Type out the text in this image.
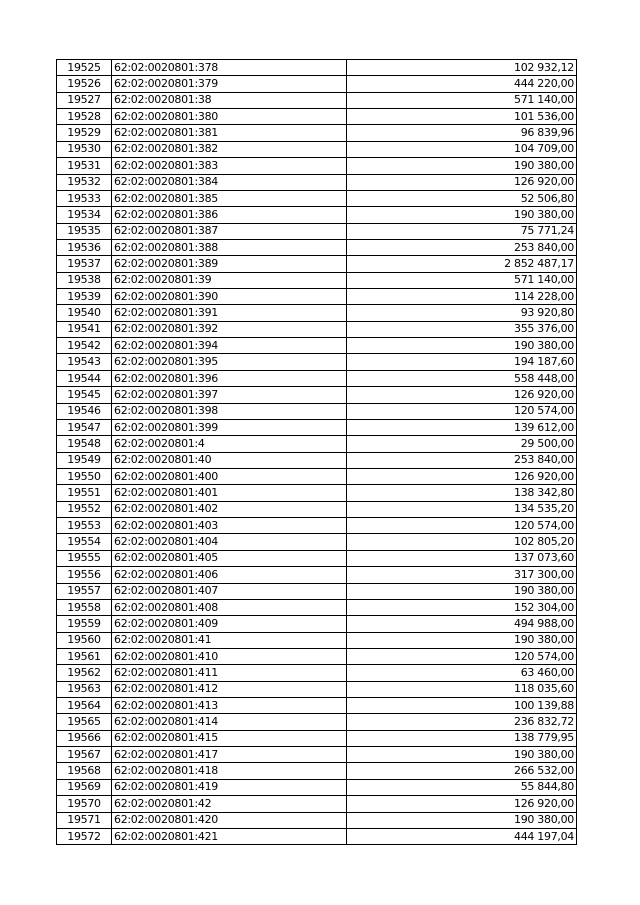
19525	62:02:0020801:378	102 932,12
19526	62:02:0020801:379	444 220,00
19527	62:02:0020801:38	571 140,00
19528	62:02:0020801:380	101 536,00
19529	62:02:0020801:381	96 839,96
19530	62:02:0020801:382	104 709,00
19531	62:02:0020801:383	190 380,00
19532	62:02:0020801:384	126 920,00
19533	62:02:0020801:385	52 506,80
19534	62:02:0020801:386	190 380,00
19535	62:02:0020801:387	75 771,24
19536	62:02:0020801:388	253 840,00
19537	62:02:0020801:389	2 852 487,17
19538	62:02:0020801:39	571 140,00
19539	62:02:0020801:390	114 228,00
19540	62:02:0020801:391	93 920,80
19541	62:02:0020801:392	355 376,00
19542	62:02:0020801:394	190 380,00
19543	62:02:0020801:395	194 187,60
19544	62:02:0020801:396	558 448,00
19545	62:02:0020801:397	126 920,00
19546	62:02:0020801:398	120 574,00
19547	62:02:0020801:399	139 612,00
19548	62:02:0020801:4	29 500,00
19549	62:02:0020801:40	253 840,00
19550	62:02:0020801:400	126 920,00
19551	62:02:0020801:401	138 342,80
19552	62:02:0020801:402	134 535,20
19553	62:02:0020801:403	120 574,00
19554	62:02:0020801:404	102 805,20
19555	62:02:0020801:405	137 073,60
19556	62:02:0020801:406	317 300,00
19557	62:02:0020801:407	190 380,00
19558	62:02:0020801:408	152 304,00
19559	62:02:0020801:409	494 988,00
19560	62:02:0020801:41	190 380,00
19561	62:02:0020801:410	120 574,00
19562	62:02:0020801:411	63 460,00
19563	62:02:0020801:412	118 035,60
19564	62:02:0020801:413	100 139,88
19565	62:02:0020801:414	236 832,72
19566	62:02:0020801:415	138 779,95
19567	62:02:0020801:417	190 380,00
19568	62:02:0020801:418	266 532,00
19569	62:02:0020801:419	55 844,80
19570	62:02:0020801:42	126 920,00
19571	62:02:0020801:420	190 380,00
19572	62:02:0020801:421	444 197,04
